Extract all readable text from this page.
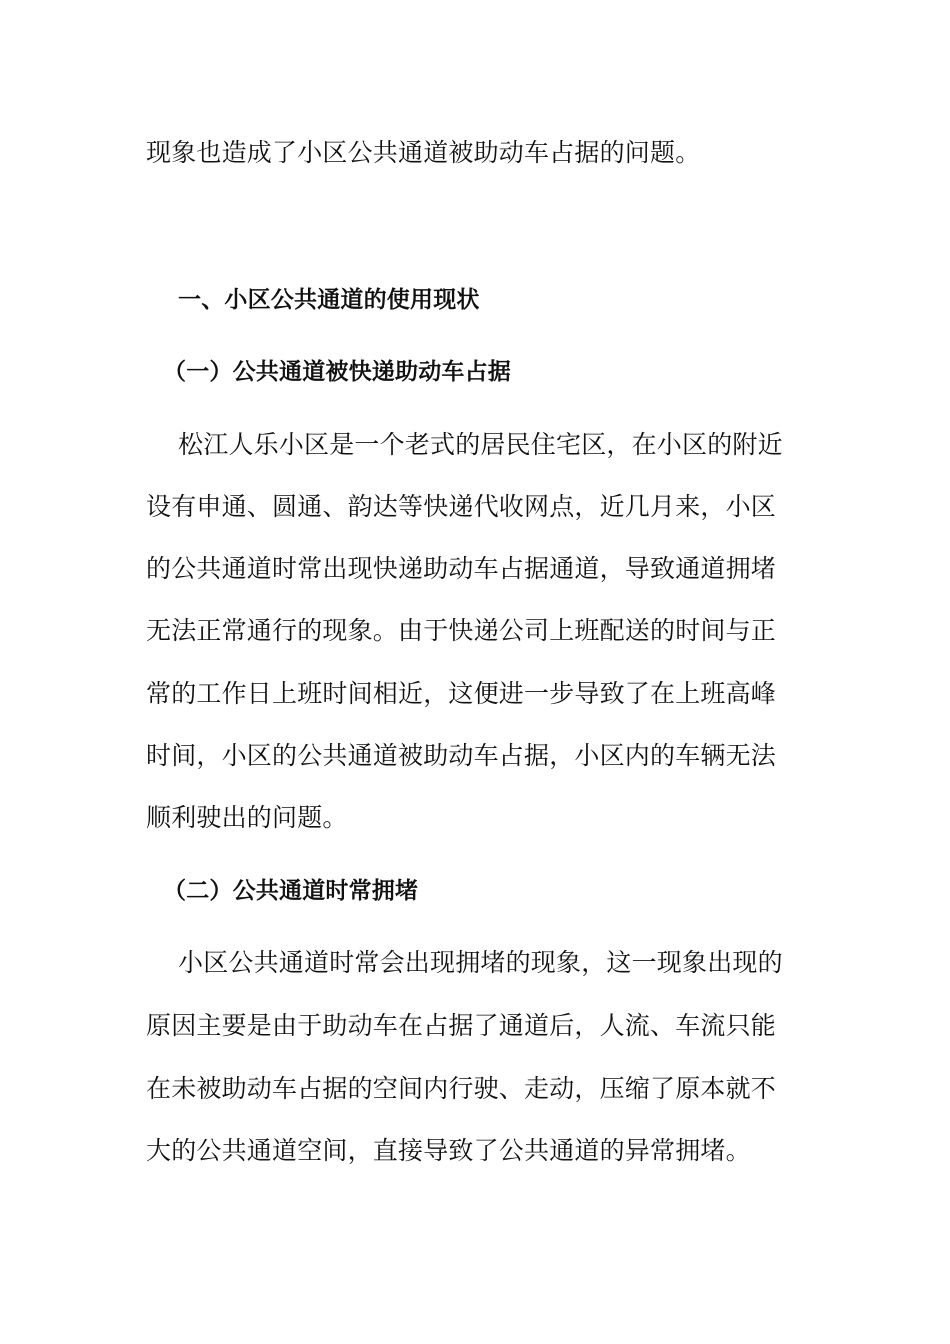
现象也造成了小区公共通道被助动车占据的问题。
一、小区公共通道的使用现状
（一）公共通道被快递助动车占据
松江人乐小区是一个老式的居民住宅区，在小区的附近
设有申通、圆通、韵达等快递代收网点，近几月来，小区
的公共通道时常出现快递助动车占据通道，导致通道拥堵
无法正常通行的现象。由于快递公司上班配送的时间与正
常的工作日上班时间相近，这便进一步导致了在上班高峰
时间，小区的公共通道被助动车占据，小区内的车辆无法
顺利驶出的问题。
（二）公共通道时常拥堵
小区公共通道时常会出现拥堵的现象，这一现象出现的
原因主要是由于助动车在占据了通道后，人流、车流只能
在未被助动车占据的空间内行驶、走动，压缩了原本就不
大的公共通道空间，直接导致了公共通道的异常拥堵。
